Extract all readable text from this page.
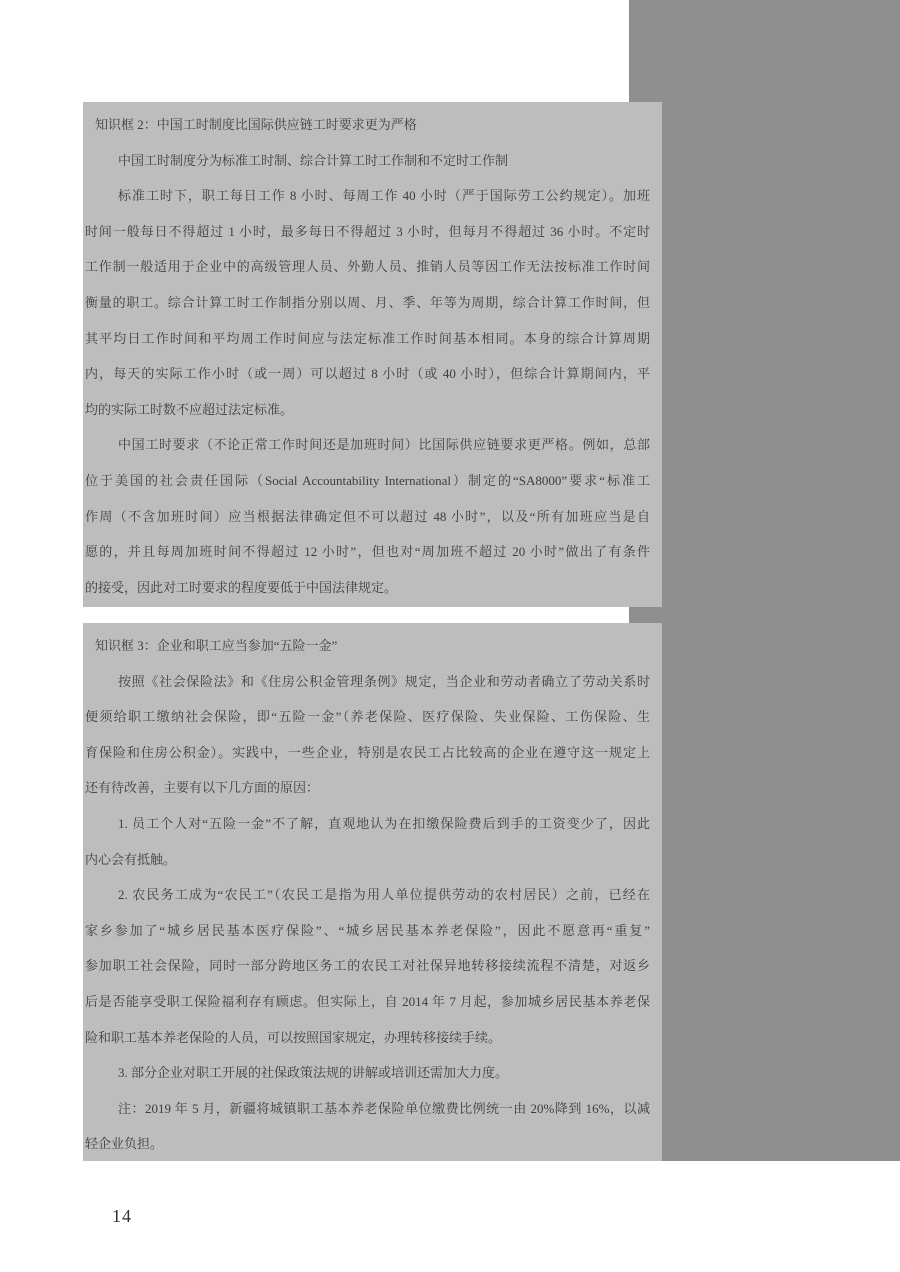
知识框 2：中国工时制度比国际供应链工时要求更为严格
中国工时制度分为标准工时制、综合计算工时工作制和不定时工作制
标准工时下，职工每日工作 8 小时、每周工作 40 小时（严于国际劳工公约规定）。加班
时间一般每日不得超过 1 小时，最多每日不得超过 3 小时，但每月不得超过 36 小时。不定时
工作制一般适用于企业中的高级管理人员、外勤人员、推销人员等因工作无法按标准工作时间
衡量的职工。综合计算工时工作制指分别以周、月、季、年等为周期，综合计算工作时间，但
其平均日工作时间和平均周工作时间应与法定标准工作时间基本相同。本身的综合计算周期
内，每天的实际工作小时（或一周）可以超过 8 小时（或 40 小时），但综合计算期间内，平
均的实际工时数不应超过法定标准。
中国工时要求（不论正常工作时间还是加班时间）比国际供应链要求更严格。例如，总部
位于美国的社会责任国际（Social Accountability International）制定的“SA8000”要求“标准工
作周（不含加班时间）应当根据法律确定但不可以超过 48 小时”，以及“所有加班应当是自
愿的，并且每周加班时间不得超过 12 小时”，但也对“周加班不超过 20 小时”做出了有条件
的接受，因此对工时要求的程度要低于中国法律规定。
知识框 3：企业和职工应当参加“五险一金”
按照《社会保险法》和《住房公积金管理条例》规定，当企业和劳动者确立了劳动关系时
便须给职工缴纳社会保险，即“五险一金”（养老保险、医疗保险、失业保险、工伤保险、生
育保险和住房公积金）。实践中，一些企业，特别是农民工占比较高的企业在遵守这一规定上
还有待改善，主要有以下几方面的原因：
1. 员工个人对“五险一金”不了解，直观地认为在扣缴保险费后到手的工资变少了，因此
内心会有抵触。
2. 农民务工成为“农民工”（农民工是指为用人单位提供劳动的农村居民）之前，已经在
家乡参加了“城乡居民基本医疗保险”、“城乡居民基本养老保险”，因此不愿意再“重复”
参加职工社会保险，同时一部分跨地区务工的农民工对社保异地转移接续流程不清楚，对返乡
后是否能享受职工保险福利存有顾虑。但实际上，自 2014 年 7 月起，参加城乡居民基本养老保
险和职工基本养老保险的人员，可以按照国家规定，办理转移接续手续。
3. 部分企业对职工开展的社保政策法规的讲解或培训还需加大力度。
注：2019 年 5 月，新疆将城镇职工基本养老保险单位缴费比例统一由 20%降到 16%，以减
轻企业负担。
14
